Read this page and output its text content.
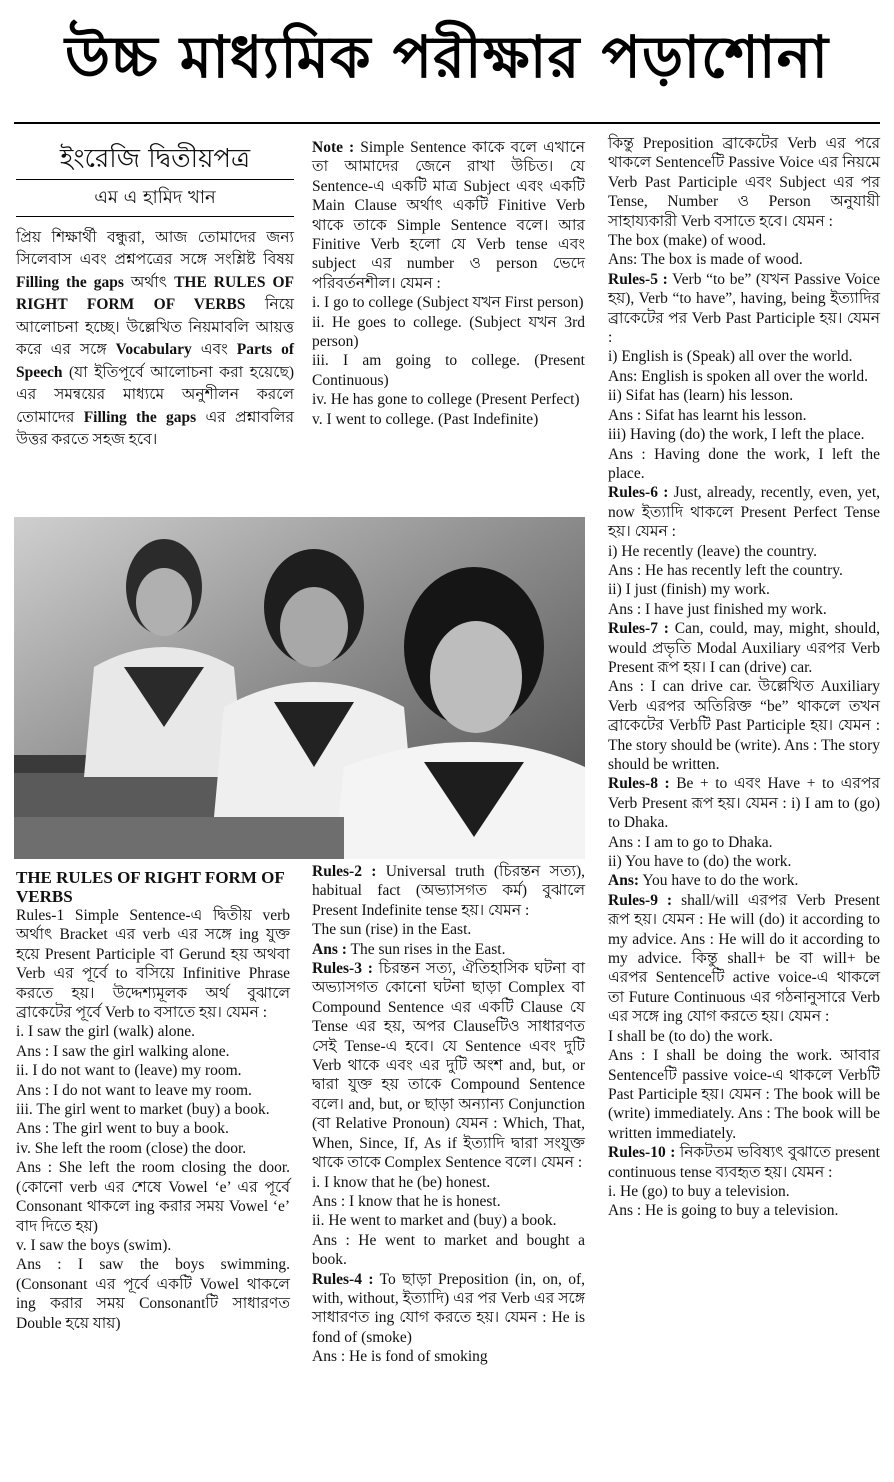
উচ্চ মাধ্যমিক পরীক্ষার পড়াশোনা
ইংরেজি দ্বিতীয়পত্র
এম এ হামিদ খান

প্রিয় শিক্ষার্থী বন্ধুরা, আজ তোমাদের জন্য সিলেবাস এবং প্রশ্নপত্রের সঙ্গে সংশ্লিষ্ট বিষয় Filling the gaps অর্থাৎ THE RULES OF RIGHT FORM OF VERBS নিয়ে আলোচনা হচ্ছে। উল্লেখিত নিয়মাবলি আয়ত্ত করে এর সঙ্গে Vocabulary এবং Parts of Speech (যা ইতিপূর্বে আলোচনা করা হয়েছে) এর সমন্বয়ের মাধ্যমে অনুশীলন করলে তোমাদের Filling the gaps এর প্রশ্নাবলির উত্তর করতে সহজ হবে।

Note : Simple Sentence কাকে বলে এখানে তা আমাদের জেনে রাখা উচিত। যে Sentence-এ একটি মাত্র Subject এবং একটি Main Clause অর্থাৎ একটি Finitive Verb থাকে তাকে Simple Sentence বলে। আর Finitive Verb হলো যে Verb tense এবং subject এর number ও person ভেদে পরিবর্তনশীল। যেমন :

i. I go to college (Subject যখন First person)

ii. He goes to college. (Subject যখন 3rd person)

iii. I am going to college. (Present Continuous)

iv. He has gone to college (Present Perfect)

v. I went to college. (Past Indefinite)

কিন্তু Preposition ব্রাকেটের Verb এর পরে থাকলে Sentenceটি Passive Voice এর নিয়মে Verb Past Participle এবং Subject এর পর Tense, Number ও Person অনুযায়ী সাহায্যকারী Verb বসাতে হবে। যেমন :

The box (make) of wood.

Ans: The box is made of wood.

Rules-5 : Verb “to be” (যখন Passive Voice হয়), Verb “to have”, having, being ইত্যাদির ব্রাকেটের পর Verb Past Participle হয়। যেমন :

i) English is (Speak) all over the world.

Ans: English is spoken all over the world.

ii) Sifat has (learn) his lesson.

Ans : Sifat has learnt his lesson.

iii) Having (do) the work, I left the place.

Ans : Having done the work, I left the place.

Rules-6 : Just, already, recently, even, yet, now ইত্যাদি থাকলে Present Perfect Tense হয়। যেমন :

i) He recently (leave) the country.

Ans : He has recently left the country.

ii) I just (finish) my work.

Ans : I have just finished my work.

Rules-7 : Can, could, may, might, should, would প্রভৃতি Modal Auxiliary এরপর Verb Present রূপ হয়। I can (drive) car.

Ans : I can drive car. উল্লেখিত Auxiliary Verb এরপর অতিরিক্ত “be” থাকলে তখন ব্রাকেটের Verbটি Past Participle হয়। যেমন : The story should be (write). Ans : The story should be written.

Rules-8 : Be + to এবং Have + to এরপর Verb Present রূপ হয়। যেমন : i) I am to (go) to Dhaka.

Ans : I am to go to Dhaka.

ii) You have to (do) the work.

Ans: You have to do the work.

Rules-9 : shall/will এরপর Verb Present রূপ হয়। যেমন : He will (do) it according to my advice. Ans : He will do it according to my advice. কিন্তু shall+ be বা will+ be এরপর Sentenceটি active voice-এ থাকলে তা Future Continuous এর গঠনানুসারে Verb এর সঙ্গে ing যোগ করতে হয়। যেমন :

I shall be (to do) the work.

Ans : I shall be doing the work. আবার Sentenceটি passive voice-এ থাকলে Verbটি Past Participle হয়। যেমন : The book will be (write) immediately. Ans : The book will be written immediately.

Rules-10 : নিকটতম ভবিষ্যৎ বুঝাতে present continuous tense ব্যবহৃত হয়। যেমন :

i. He (go) to buy a television.

Ans : He is going to buy a television.

THE RULES OF RIGHT FORM OF VERBS

Rules-1 Simple Sentence-এ দ্বিতীয় verb অর্থাৎ Bracket এর verb এর সঙ্গে ing যুক্ত হয়ে Present Participle বা Gerund হয় অথবা Verb এর পূর্বে to বসিয়ে Infinitive Phrase করতে হয়। উদ্দেশ্যমূলক অর্থ বুঝালে ব্রাকেটের পূর্বে Verb to বসাতে হয়। যেমন :

i. I saw the girl (walk) alone.

Ans : I saw the girl walking alone.

ii. I do not want to (leave) my room.

Ans : I do not want to leave my room.

iii. The girl went to market (buy) a book.

Ans : The girl went to buy a book.

iv. She left the room (close) the door.

Ans : She left the room closing the door. (কোনো verb এর শেষে Vowel ‘e’ এর পূর্বে Consonant থাকলে ing করার সময় Vowel ‘e’ বাদ দিতে হয়)

v. I saw the boys (swim).

Ans : I saw the boys swimming. (Consonant এর পূর্বে একটি Vowel থাকলে ing করার সময় Consonantটি সাধারণত Double হয়ে যায়)

Rules-2 : Universal truth (চিরন্তন সত্য), habitual fact (অভ্যাসগত কর্ম) বুঝালে Present Indefinite tense হয়। যেমন :

The sun (rise) in the East.

Ans : The sun rises in the East.

Rules-3 : চিরন্তন সত্য, ঐতিহাসিক ঘটনা বা অভ্যাসগত কোনো ঘটনা ছাড়া Complex বা Compound Sentence এর একটি Clause যে Tense এর হয়, অপর Clauseটিও সাধারণত সেই Tense-এ হবে। যে Sentence এবং দুটি Verb থাকে এবং এর দুটি অংশ and, but, or দ্বারা যুক্ত হয় তাকে Compound Sentence বলে। and, but, or ছাড়া অন্যান্য Conjunction (বা Relative Pronoun) যেমন : Which, That, When, Since, If, As if ইত্যাদি দ্বারা সংযুক্ত থাকে তাকে Complex Sentence বলে। যেমন :

i. I know that he (be) honest.

Ans : I know that he is honest.

ii. He went to market and (buy) a book.

Ans : He went to market and bought a book.

Rules-4 : To ছাড়া Preposition (in, on, of, with, without, ইত্যাদি) এর পর Verb এর সঙ্গে সাধারণত ing যোগ করতে হয়। যেমন : He is fond of (smoke)

Ans : He is fond of smoking
